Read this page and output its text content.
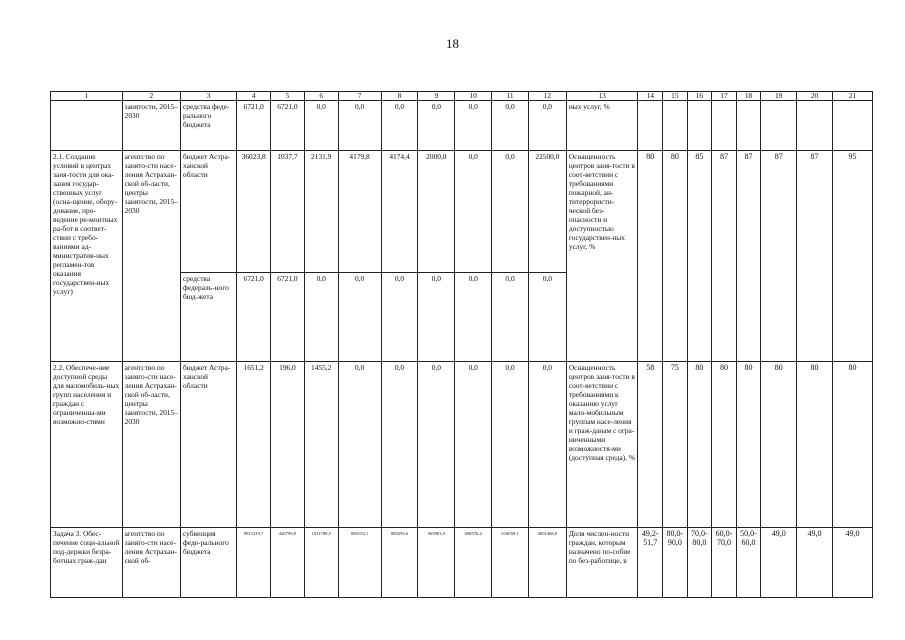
18
1	2	3	4	5	6	7	8	9	10	11	12	13	14	15	16	17	18	19	20	21
	занятости, 2015–2030	средства феде-рального бюджета	6721,0	6721,0	0,0	0,0	0,0	0,0	0,0	0,0	0,0	ных услуг, %								
2.1. Создание условий в центрах заня-тости для ока-зания государ-ственных услуг (осна-щение, обору-дование, про-ведение ре-монтных ра-бот в соответ-ствии с требо-ваниями ад-министратив-ных регламен-тов оказания государствен-ных услуг)	агентство по занято-сти насе-ления Астрахан-ской об-ласти, центры занятости, 2015–2030	бюджет Астра-ханской области	36023,8	1037,7	2131,9	4179,8	4174,4	2000,0	0,0	0,0	22500,0	Оснащенность центров заня-тости в соот-ветствии с требованиями пожарной, ан-титеррористи-ческой без-опасности и доступностью государствен-ных услуг, %	80	80	85	87	87	87	87	95
		средства федераль-ного бюд-жета	6721,0	6721,0	0,0	0,0	0,0	0,0	0,0	0,0	0,0									
2.2. Обеспече-ние доступной среды для маломобиль-ных групп населения и граждан с ограниченны-ми возможно-стями	агентство по заняго-сти насе-ления Астрахан-ской об-ласти, центры занятости, 2015–2030	бюджет Астра-ханской области	1651,2	196,0	1455,2	0,0	0,0	0,0	0,0	0,0	0,0	Оснащенность центров заня-тости в соот-ветствии с требованиями к оказанию услуг мало-мобильным группам насе-ления и граж-данам с огра-ниченными возможностя-ми (доступная среда), %	58	75	80	80	80	80	80	80
Задача 3. Обес-печение соци-альной под-держки безра-ботных граж-дан	агентство по заняго-сти насе-ления Астрахан-ской об-	субвенция феде-рального бюджета	9811319,7	426799,0	1911788,5	880154,1	800293,6	565981,0	608576,4	616059,1	4001468,0	Доля числен-ности граждан, которым назначено по-собие по без-работице, в	49,2-51,7	80,0-90,0	70,0-80,0	60,0-70,0	50,0-60,0	49,0	49,0	49,0
